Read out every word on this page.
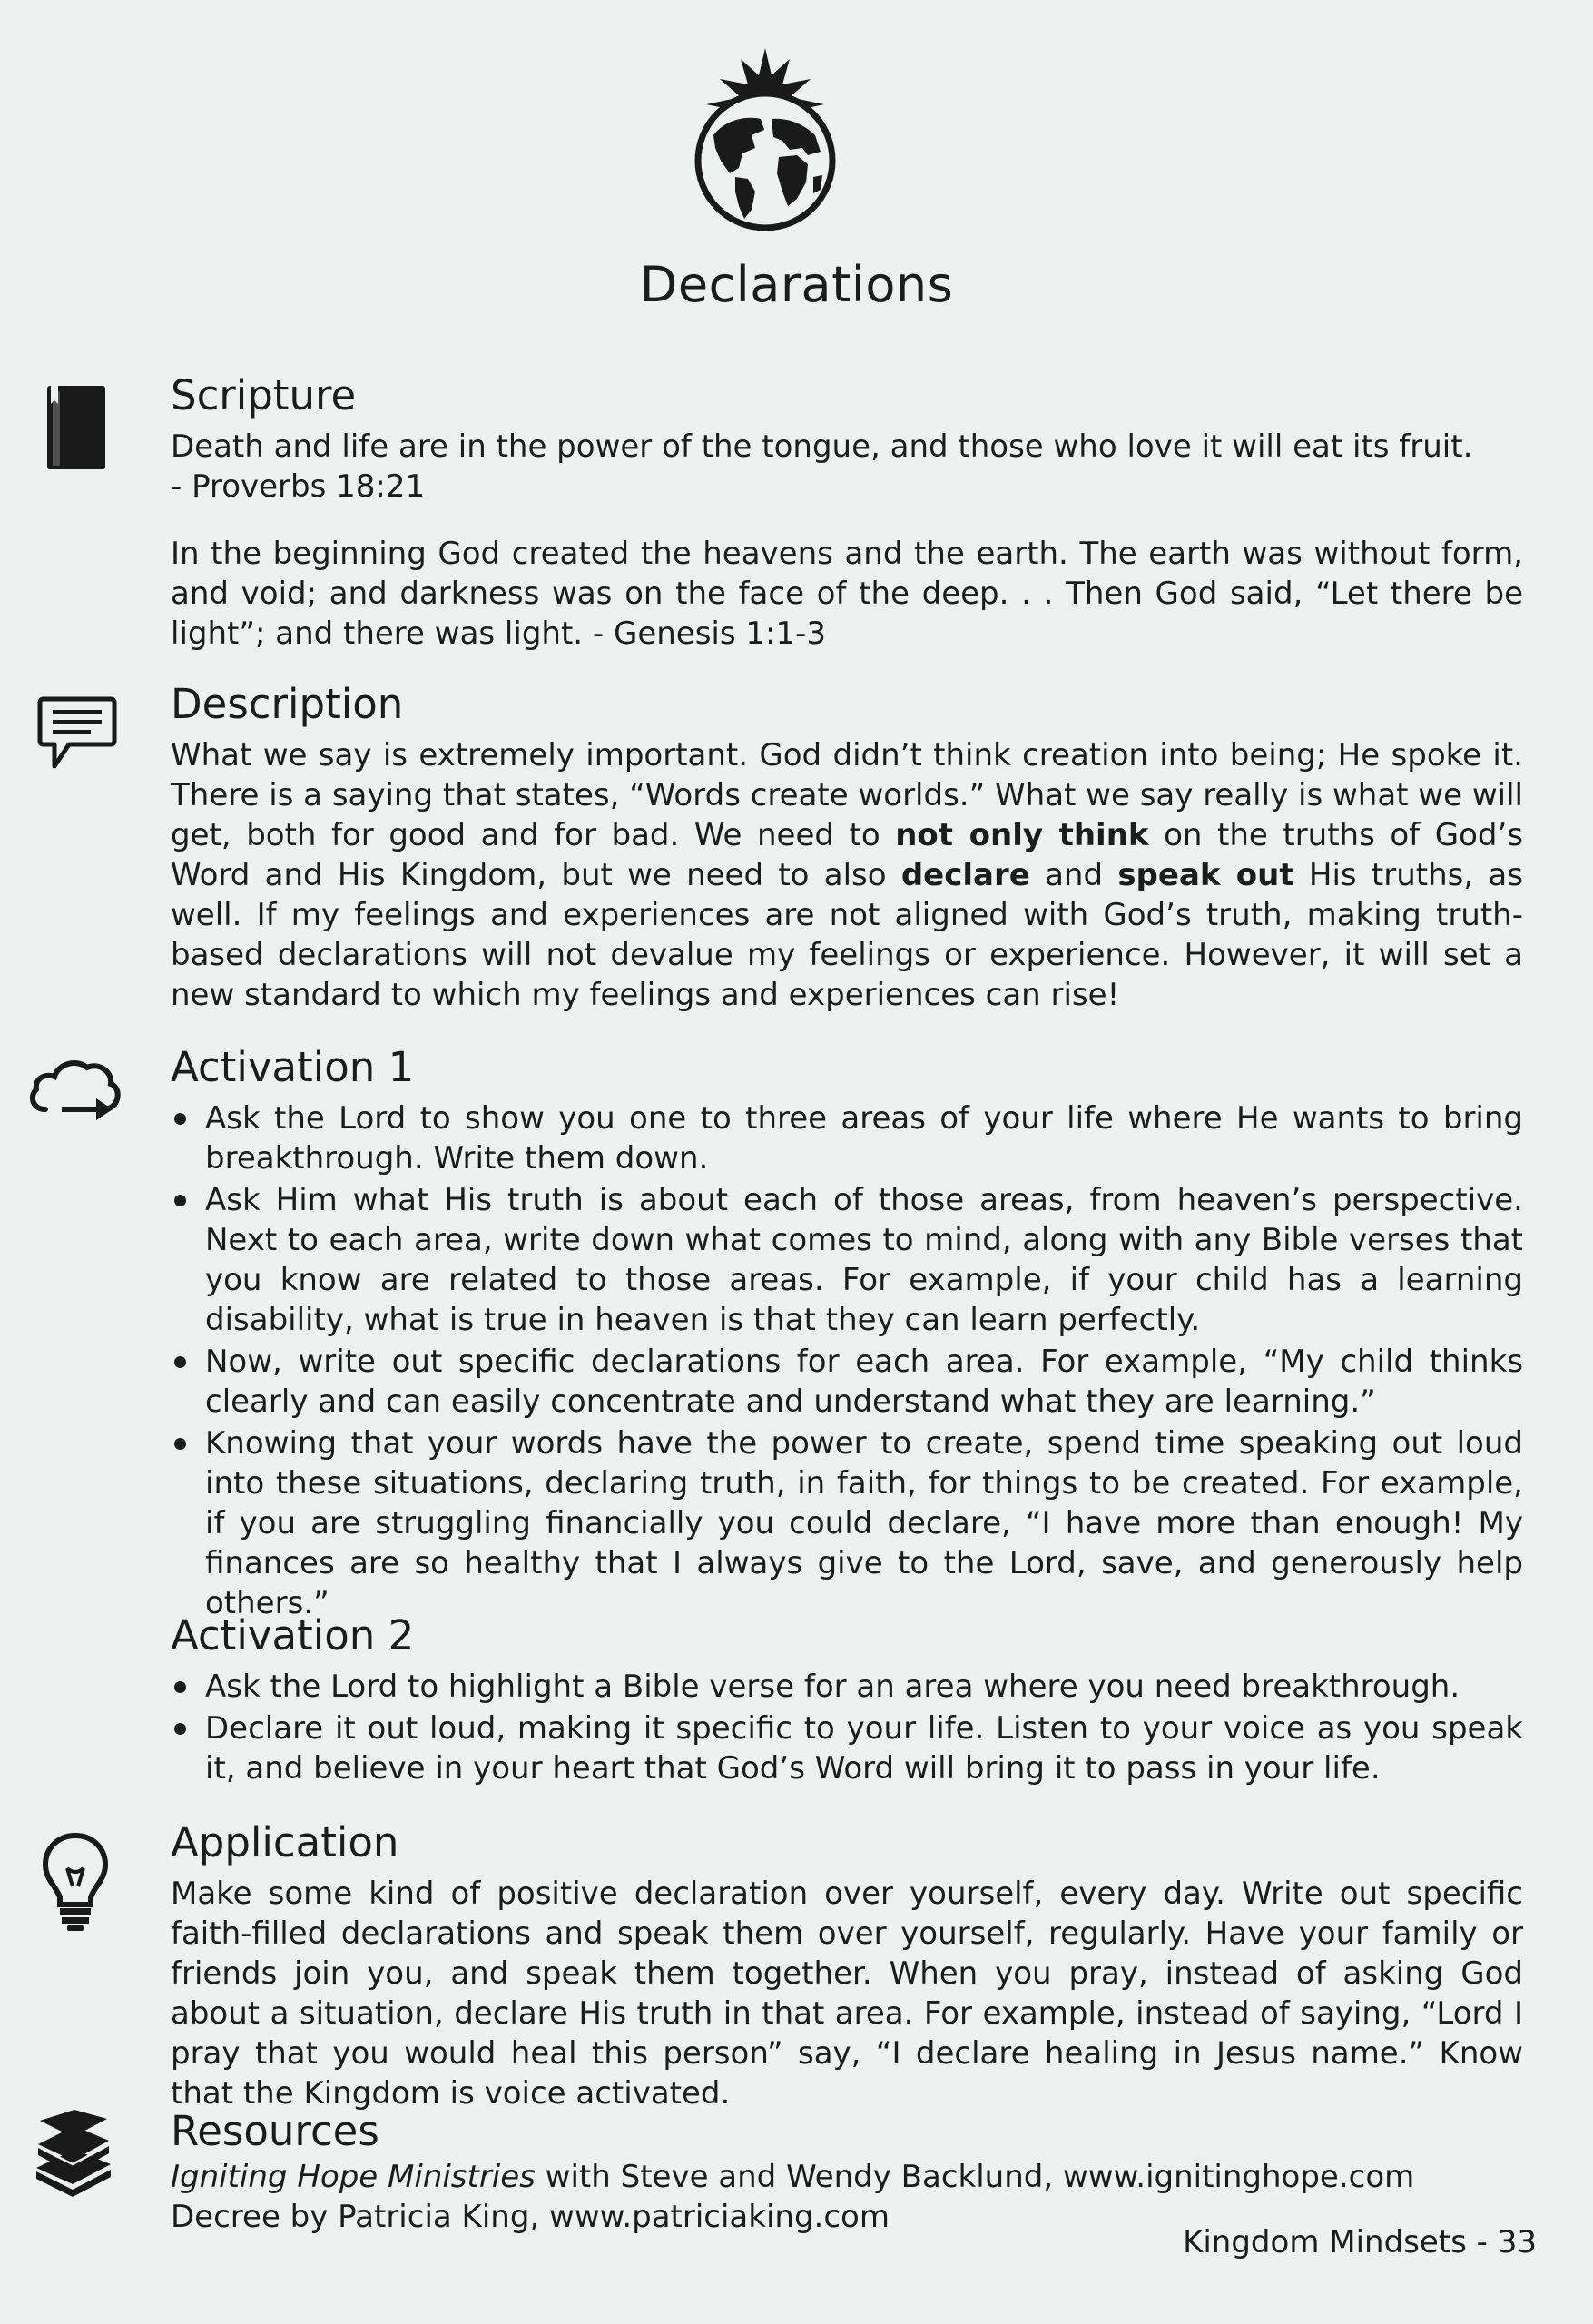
Declarations
Scripture

Death and life are in the power of the tongue, and those who love it will eat its fruit.

- Proverbs 18:21

In the beginning God created the heavens and the earth. The earth was without form, and void; and darkness was on the face of the deep. . . Then God said, “Let there be light”; and there was light. - Genesis 1:1-3

Description

What we say is extremely important. God didn’t think creation into being; He spoke it. There is a saying that states, “Words create worlds.” What we say really is what we will get, both for good and for bad. We need to not only think on the truths of God’s Word and His Kingdom, but we need to also declare and speak out His truths, as well. If my feelings and experiences are not aligned with God’s truth, making truth-based declarations will not devalue my feelings or experience. However, it will set a new standard to which my feelings and experiences can rise!

Activation 1
Ask the Lord to show you one to three areas of your life where He wants to bring breakthrough. Write them down.
Ask Him what His truth is about each of those areas, from heaven’s perspective. Next to each area, write down what comes to mind, along with any Bible verses that you know are related to those areas. For example, if your child has a learning disability, what is true in heaven is that they can learn perfectly.
Now, write out specific declarations for each area. For example, “My child thinks clearly and can easily concentrate and understand what they are learning.”
Knowing that your words have the power to create, spend time speaking out loud into these situations, declaring truth, in faith, for things to be created. For example, if you are struggling financially you could declare, “I have more than enough! My finances are so healthy that I always give to the Lord, save, and generously help others.”
Activation 2
Ask the Lord to highlight a Bible verse for an area where you need breakthrough.
Declare it out loud, making it specific to your life. Listen to your voice as you speak it, and believe in your heart that God’s Word will bring it to pass in your life.
Application

Make some kind of positive declaration over yourself, every day. Write out specific faith-filled declarations and speak them over yourself, regularly. Have your family or friends join you, and speak them together. When you pray, instead of asking God about a situation, declare His truth in that area. For example, instead of saying, “Lord I pray that you would heal this person” say, “I declare healing in Jesus name.” Know that the Kingdom is voice activated.

Resources

Igniting Hope Ministries with Steve and Wendy Backlund, www.ignitinghope.com

Decree by Patricia King, www.patriciaking.com

Kingdom Mindsets - 33
